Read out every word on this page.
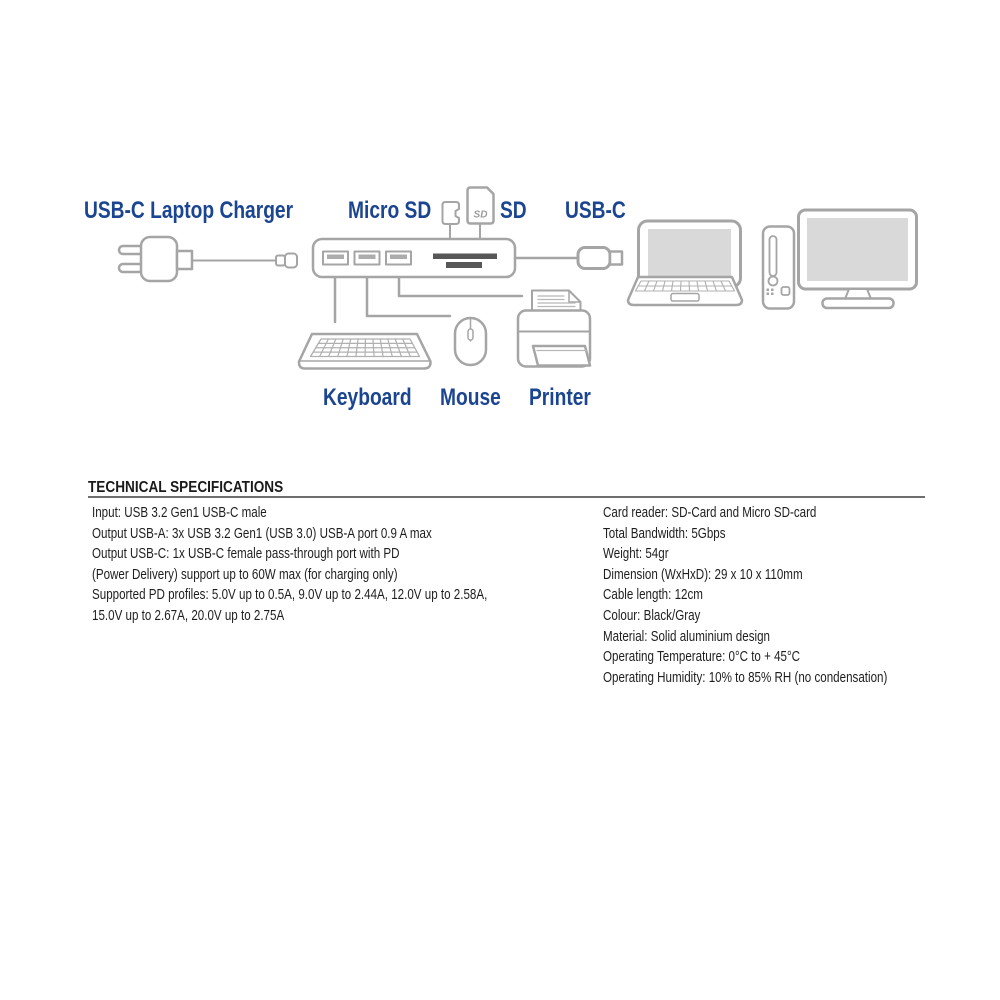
SD
USB-C Laptop Charger Micro SD	SD USB-C
Keyboard Mouse Printer
TECHNICAL SPECIFICATIONS
Input: USB 3.2 Gen1 USB-C male
Output USB-A: 3x USB 3.2 Gen1 (USB 3.0) USB-A port 0.9 A max
Output USB-C: 1x USB-C female pass-through port with PD
(Power Delivery) support up to 60W max (for charging only)
Supported PD profiles: 5.0V up to 0.5A, 9.0V up to 2.44A, 12.0V up to 2.58A,
15.0V up to 2.67A, 20.0V up to 2.75A
Card reader: SD-Card and Micro SD-card
Total Bandwidth: 5Gbps
Weight: 54gr
Dimension (WxHxD): 29 x 10 x 110mm
Cable length: 12cm
Colour: Black/Gray
Material: Solid aluminium design
Operating Temperature: 0°C to + 45°C
Operating Humidity: 10% to 85% RH (no condensation)
